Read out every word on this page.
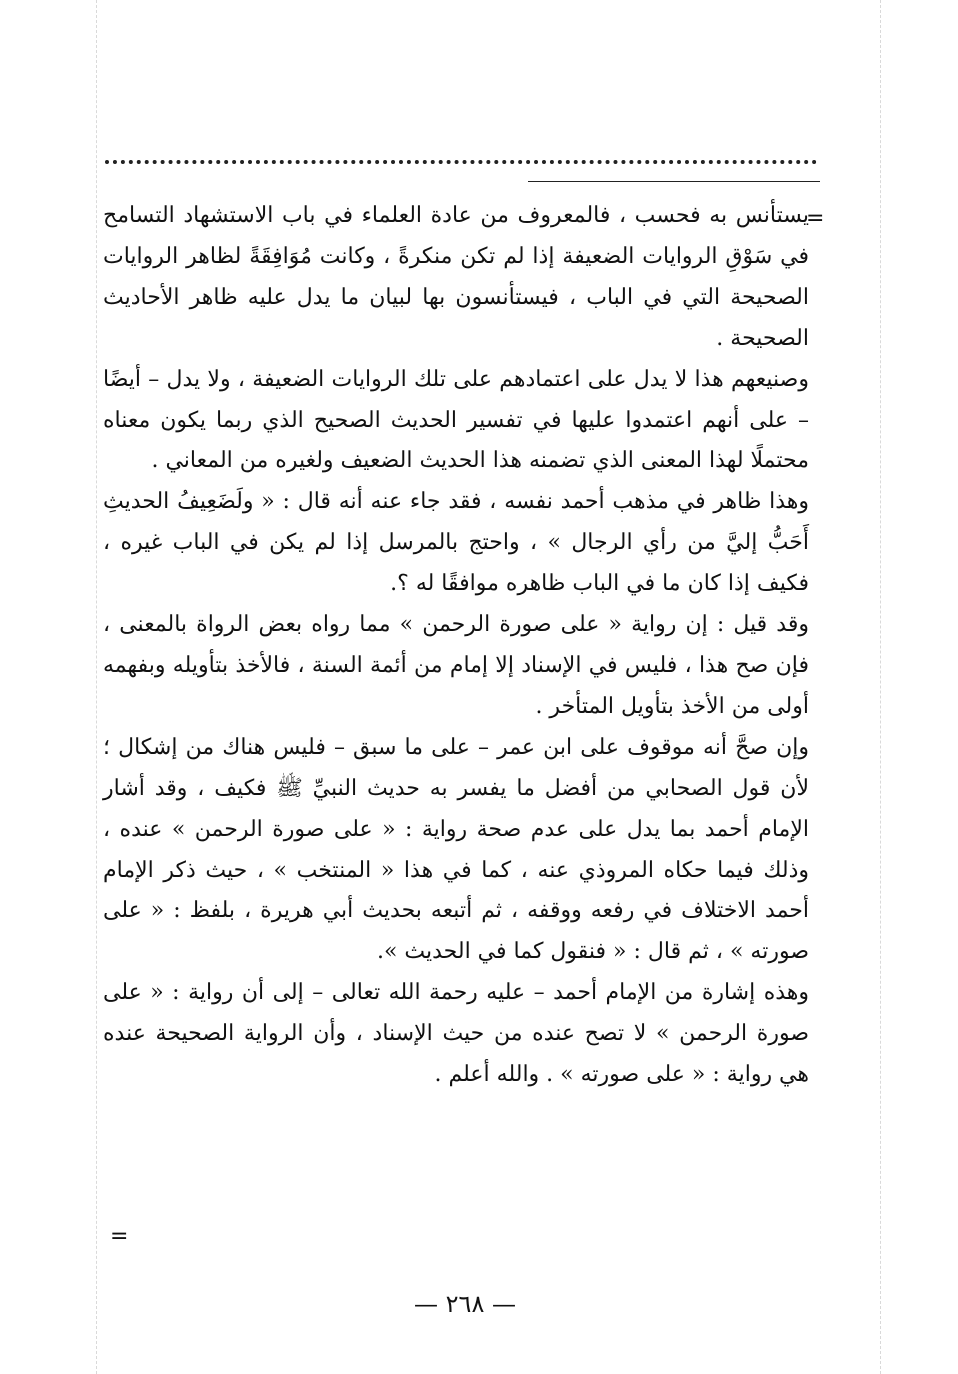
=

يستأنس به فحسب ، فالمعروف من عادة العلماء في باب الاستشهاد التسامح في سَوْقِ الروايات الضعيفة إذا لم تكن منكرةً ، وكانت مُوَافِقَةً لظاهر الروايات الصحيحة التي في الباب ، فيستأنسون بها لبيان ما يدل عليه ظاهر الأحاديث الصحيحة .

وصنيعهم هذا لا يدل على اعتمادهم على تلك الروايات الضعيفة ، ولا يدل – أيضًا – على أنهم اعتمدوا عليها في تفسير الحديث الصحيح الذي ربما يكون معناه محتملًا لهذا المعنى الذي تضمنه هذا الحديث الضعيف ولغيره من المعاني .

وهذا ظاهر في مذهب أحمد نفسه ، فقد جاء عنه أنه قال : « ولَضَعِيفُ الحديثِ أَحَبُّ إليَّ من رأي الرجال » ، واحتج بالمرسل إذا لم يكن في الباب غيره ، فكيف إذا كان ما في الباب ظاهره موافقًا له ؟.

وقد قيل : إن رواية « على صورة الرحمن » مما رواه بعض الرواة بالمعنى ، فإن صح هذا ، فليس في الإسناد إلا إمام من أئمة السنة ، فالأخذ بتأويله وبفهمه أولى من الأخذ بتأويل المتأخر .

وإن صحَّ أنه موقوف على ابن عمر – على ما سبق – فليس هناك من إشكال ؛ لأن قول الصحابي من أفضل ما يفسر به حديث النبيِّ ﷺ فكيف ، وقد أشار الإمام أحمد بما يدل على عدم صحة رواية : « على صورة الرحمن » عنده ، وذلك فيما حكاه المروذي عنه ، كما في هذا « المنتخب » ، حيث ذكر الإمام أحمد الاختلاف في رفعه ووقفه ، ثم أتبعه بحديث أبي هريرة ، بلفظ : « على صورته » ، ثم قال : « فنقول كما في الحديث ».

وهذه إشارة من الإمام أحمد – عليه رحمة الله تعالى – إلى أن رواية : « على صورة الرحمن » لا تصح عنده من حيث الإسناد ، وأن الرواية الصحيحة عنده هي رواية : « على صورته » . والله أعلم .

=
— ٢٦٨ —
